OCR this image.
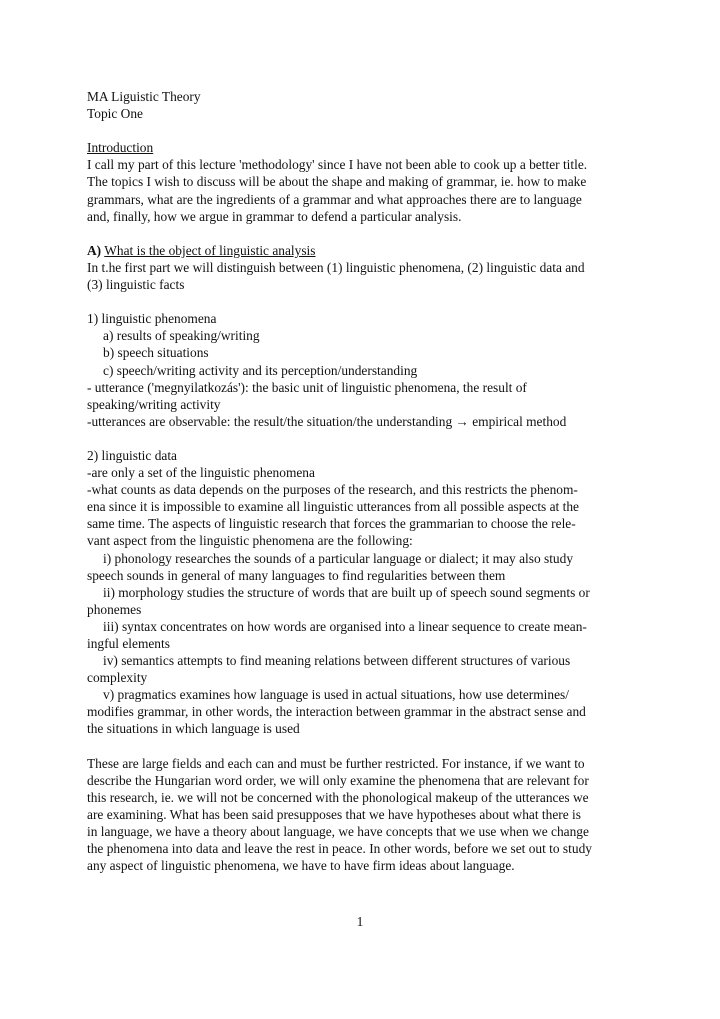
MA Liguistic Theory

Topic One

Introduction

I call my part of this lecture 'methodology' since I have not been able to cook up a better title.

The topics I wish to discuss will be about the shape and making of grammar, ie. how to make

grammars, what are the ingredients of a grammar and what approaches there are to language

and, finally, how we argue in grammar to defend a particular analysis.

A) What is the object of linguistic analysis

In t.he first part we will distinguish between (1) linguistic phenomena, (2) linguistic data and

(3) linguistic facts

1) linguistic phenomena

a) results of speaking/writing

b) speech situations

c) speech/writing activity and its perception/understanding

- utterance ('megnyilatkozás'): the basic unit of linguistic phenomena, the result of

speaking/writing activity

-utterances are observable: the result/the situation/the understanding → empirical method

2) linguistic data

-are only a set of the linguistic phenomena

-what counts as data depends on the purposes of the research, and this restricts the phenom-

ena since it is impossible to examine all linguistic utterances from all possible aspects at the

same time. The aspects of linguistic research that forces the grammarian to choose the rele-

vant aspect from the linguistic phenomena are the following:

i) phonology researches the sounds of a particular language or dialect; it may also study

speech sounds in general of many languages to find regularities between them

ii) morphology studies the structure of words that are built up of speech sound segments or

phonemes

iii) syntax concentrates on how words are organised into a linear sequence to create mean-

ingful elements

iv) semantics attempts to find meaning relations between different structures of various

complexity

v) pragmatics examines how language is used in actual situations, how use determines/

modifies grammar, in other words, the interaction between grammar in the abstract sense and

the situations in which language is used

These are large fields and each can and must be further restricted. For instance, if we want to

describe the Hungarian word order, we will only examine the phenomena that are relevant for

this research, ie. we will not be concerned with the phonological makeup of the utterances we

are examining. What has been said presupposes that we have hypotheses about what there is

in language, we have a theory about language, we have concepts that we use when we change

the phenomena into data and leave the rest in peace. In other words, before we set out to study

any aspect of linguistic phenomena, we have to have firm ideas about language.

1
